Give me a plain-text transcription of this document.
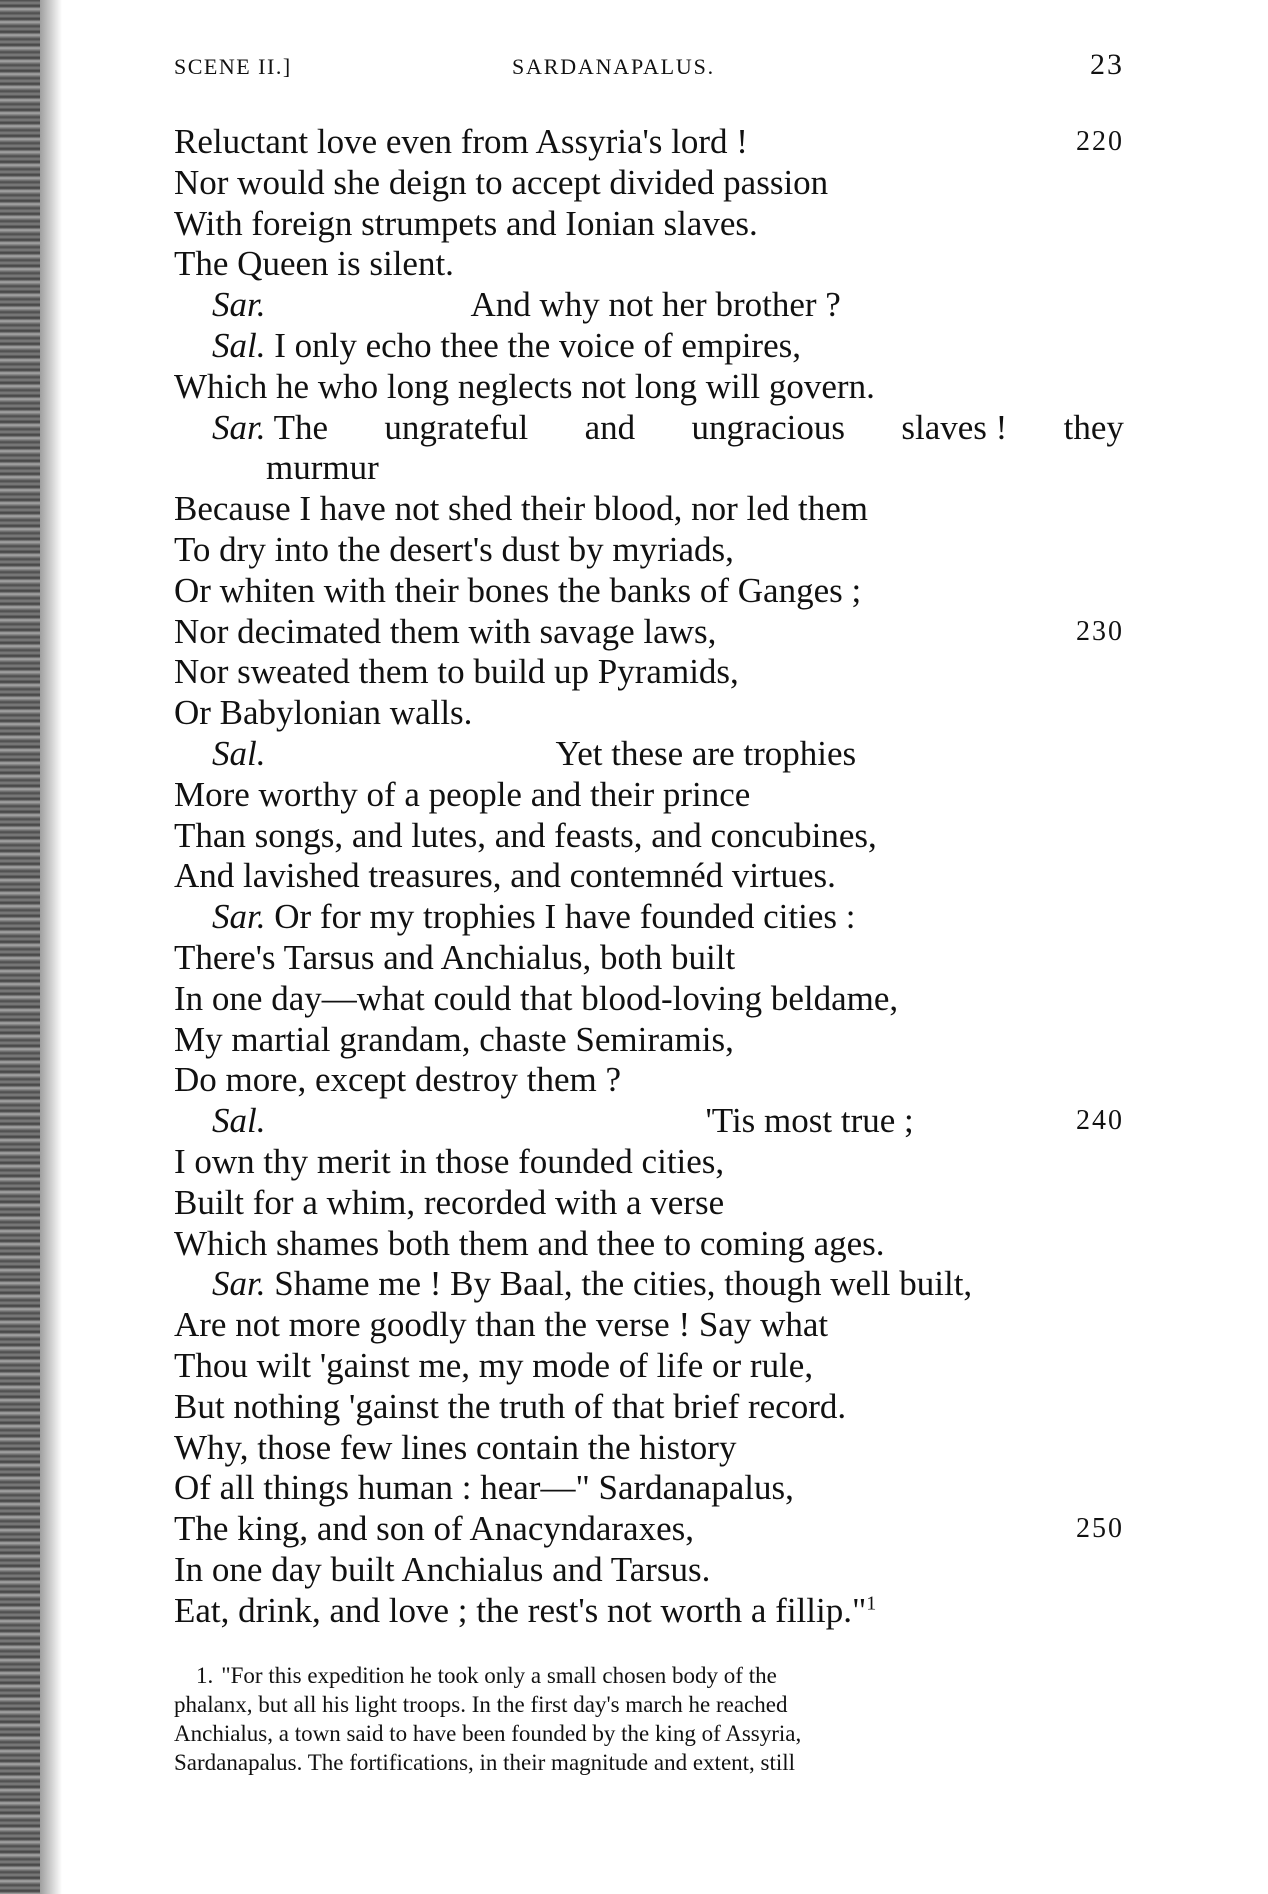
SCENE II.]	SARDANAPALUS.	23
Reluctant love even from Assyria's lord !	220
Nor would she deign to accept divided passion
With foreign strumpets and Ionian slaves.
The Queen is silent.
Sar.	And why not her brother ?
Sal. I only echo thee the voice of empires,
Which he who long neglects not long will govern.
Sar. The ungrateful and ungracious slaves ! they
murmur
Because I have not shed their blood, nor led them
To dry into the desert's dust by myriads,
Or whiten with their bones the banks of Ganges ;
Nor decimated them with savage laws,	230
Nor sweated them to build up Pyramids,
Or Babylonian walls.
Sal.	Yet these are trophies
More worthy of a people and their prince
Than songs, and lutes, and feasts, and concubines,
And lavished treasures, and contemnéd virtues.
Sar. Or for my trophies I have founded cities :
There's Tarsus and Anchialus, both built
In one day—what could that blood-loving beldame,
My martial grandam, chaste Semiramis,
Do more, except destroy them ?
Sal.	'Tis most true ;	240
I own thy merit in those founded cities,
Built for a whim, recorded with a verse
Which shames both them and thee to coming ages.
Sar. Shame me ! By Baal, the cities, though well built,
Are not more goodly than the verse ! Say what
Thou wilt 'gainst me, my mode of life or rule,
But nothing 'gainst the truth of that brief record.
Why, those few lines contain the history
Of all things human : hear—" Sardanapalus,
The king, and son of Anacyndaraxes,	250
In one day built Anchialus and Tarsus.
Eat, drink, and love ; the rest's not worth a fillip."$^1$
1. "For this expedition he took only a small chosen body of the
phalanx, but all his light troops. In the first day's march he reached
Anchialus, a town said to have been founded by the king of Assyria,
Sardanapalus. The fortifications, in their magnitude and extent, still
